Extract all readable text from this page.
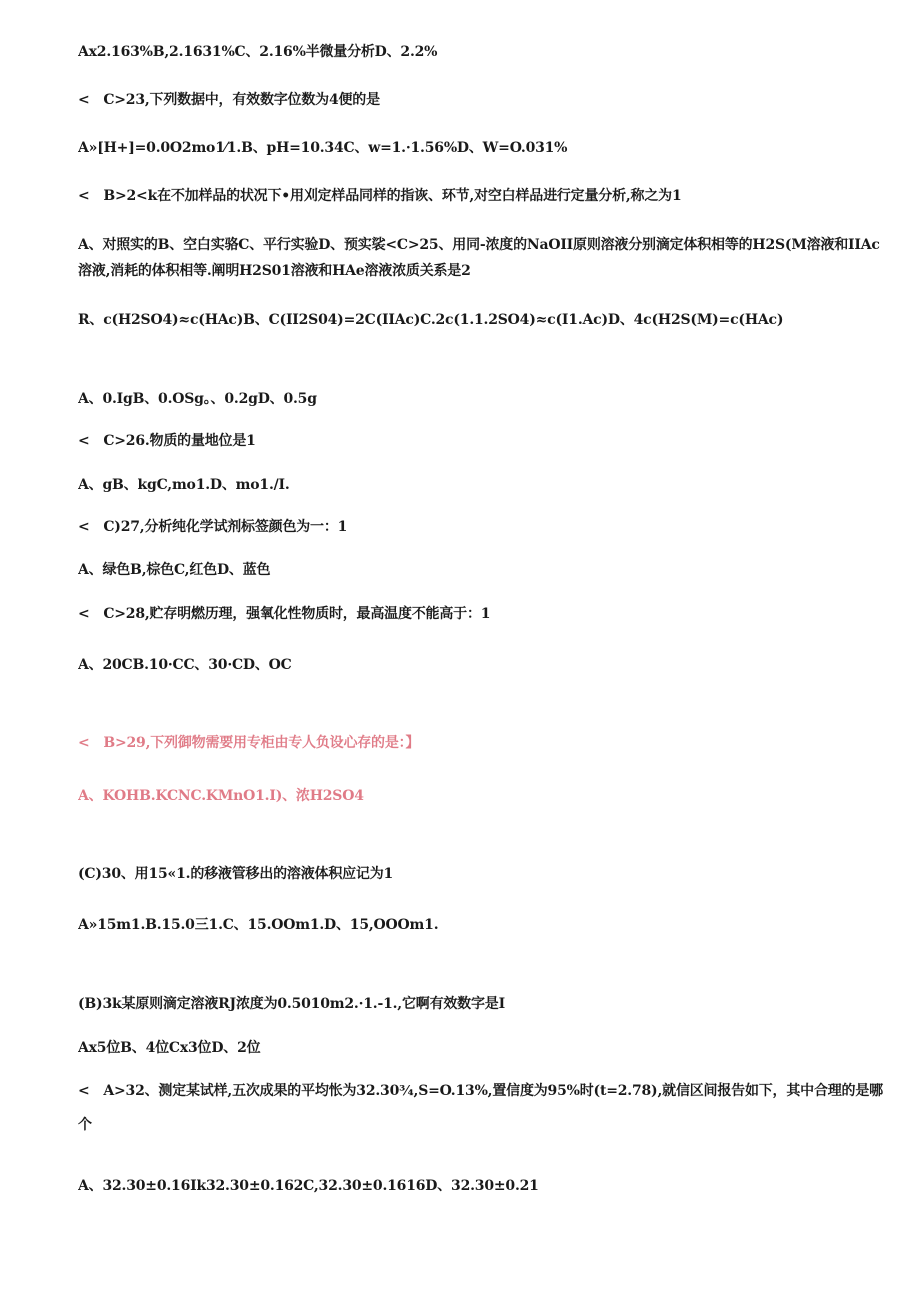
Ax2.163%B,2.1631%C、2.16%半微量分析D、2.2%
<　C>23,下列数据中，有效数字位数为4便的是
A»[H+]=0.0O2mo1⁄1.B、pH=10.34C、w=1.·1.56%D、W=O.031%
<　B>2<k在不加样品的状况下•用刈定样品同样的指诙、环节,对空白样品进行定量分析,称之为1
A、对照实的B、空白实骆C、平行实验D、预实裟<C>25、用同-浓度的NaOII原则溶液分别滴定体积相等的H2S(M溶液和IIAc溶液,消耗的体积相等.阐明H2S01溶液和HAe溶液浓质关系是2
R、c(H2SO4)≈c(HAc)B、C(II2S04)=2C(IIAc)C.2c(1.1.2SO4)≈c(I1.Ac)D、4c(H2S(M)=c(HAc)
A、0.IgB、0.OSg。、0.2gD、0.5g
<　C>26.物质的量地位是1
A、gB、kgC,mo1.D、mo1./I.
<　C)27,分析纯化学试剂标签颜色为一：1
A、绿色B,棕色C,红色D、蓝色
<　C>28,贮存明燃历理，强氧化性物质时，最高温度不能高于：1
A、20CB.10·CC、30·CD、OC
<　B>29,下列御物需要用专柜由专人负设心存的是：】
A、KOHB.KCNC.KMnO1.I)、浓H2SO4
(C)30、用15«1.的移液管移出的溶液体积应记为1
A»15m1.B.15.0三1.C、15.OOm1.D、15,OOOm1.
(B)3k某原则滴定溶液RJ浓度为0.5010m2.·1.-1.,它啊有效数字是I
Ax5位B、4位Cx3位D、2位
<　A>32、测定某试样,五次成果的平均怅为32.30¾,S=O.13%,置信度为95%时(t=2.78),就信区间报告如下，其中合理的是哪个
A、32.30±0.16Ik32.30±0.162C,32.30±0.1616D、32.30±0.21
